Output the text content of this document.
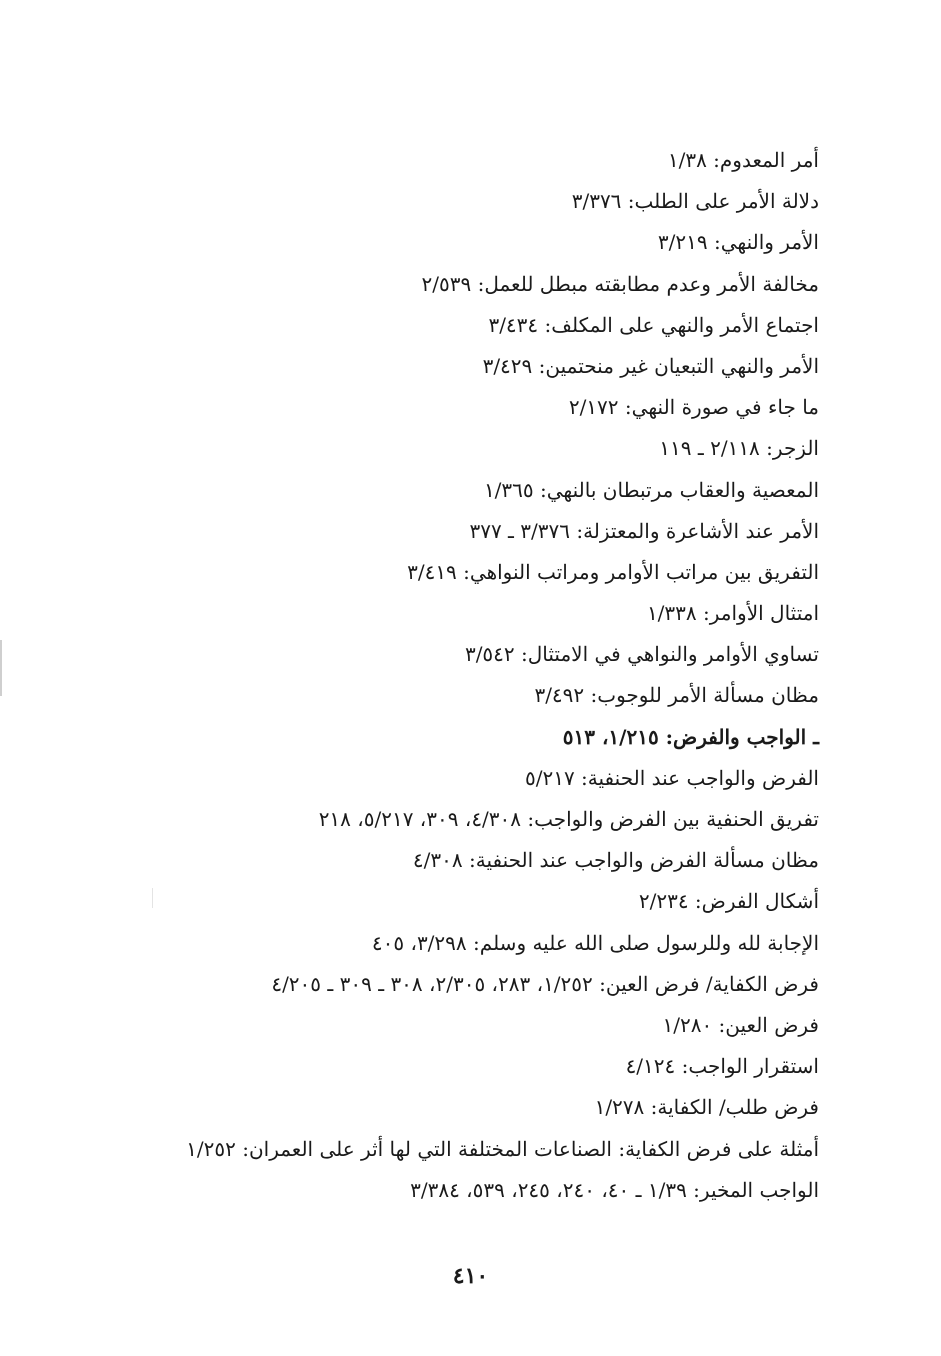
أمر المعدوم: ١/٣٨
دلالة الأمر على الطلب: ٣/٣٧٦
الأمر والنهي: ٣/٢١٩
مخالفة الأمر وعدم مطابقته مبطل للعمل: ٢/٥٣٩
اجتماع الأمر والنهي على المكلف: ٣/٤٣٤
الأمر والنهي التبعيان غير منحتمين: ٣/٤٢٩
ما جاء في صورة النهي: ٢/١٧٢
الزجر: ٢/١١٨ ـ ١١٩
المعصية والعقاب مرتبطان بالنهي: ١/٣٦٥
الأمر عند الأشاعرة والمعتزلة: ٣/٣٧٦ ـ ٣٧٧
التفريق بين مراتب الأوامر ومراتب النواهي: ٣/٤١٩
امتثال الأوامر: ١/٣٣٨
تساوي الأوامر والنواهي في الامتثال: ٣/٥٤٢
مظان مسألة الأمر للوجوب: ٣/٤٩٢
ـ الواجب والفرض: ١/٢١٥، ٥١٣
الفرض والواجب عند الحنفية: ٥/٢١٧
تفريق الحنفية بين الفرض والواجب: ٤/٣٠٨، ٣٠٩، ٥/٢١٧، ٢١٨
مظان مسألة الفرض والواجب عند الحنفية: ٤/٣٠٨
أشكال الفرض: ٢/٢٣٤
الإجابة لله وللرسول صلى الله عليه وسلم: ٣/٢٩٨، ٤٠٥
فرض الكفاية/ فرض العين: ١/٢٥٢، ٢٨٣، ٢/٣٠٥، ٣٠٨ ـ ٣٠٩ ـ ٤/٢٠٥
فرض العين: ١/٢٨٠
استقرار الواجب: ٤/١٢٤
فرض طلب/ الكفاية: ١/٢٧٨
أمثلة على فرض الكفاية: الصناعات المختلفة التي لها أثر على العمران: ١/٢٥٢
الواجب المخير: ١/٣٩ ـ ٤٠، ٢٤٠، ٢٤٥، ٥٣٩، ٣/٣٨٤
٤١٠
